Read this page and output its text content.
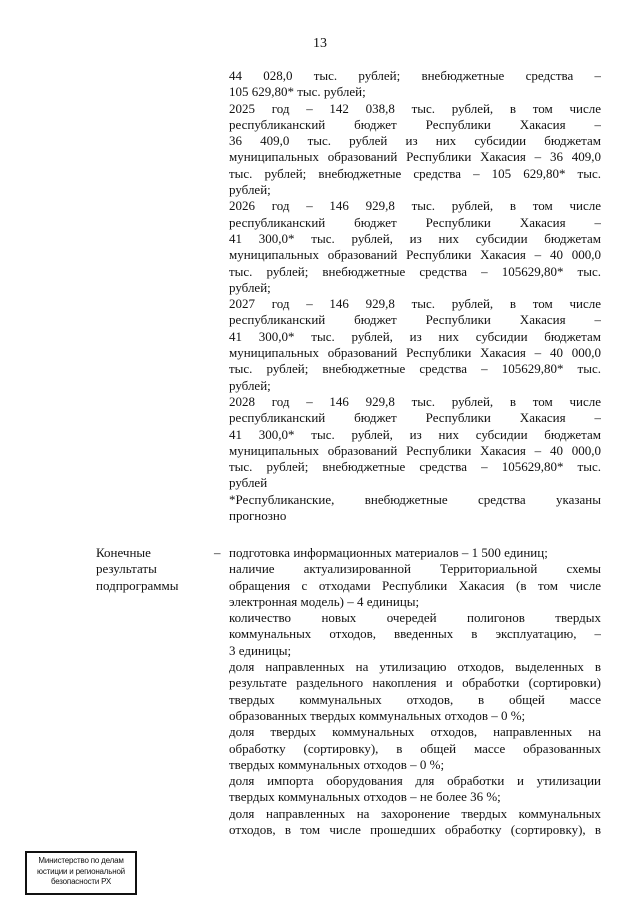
13
44 028,0 тыс. рублей; внебюджетные средства –
105 629,80* тыс. рублей;
2025 год – 142 038,8 тыс. рублей, в том числе
республиканский бюджет Республики Хакасия –
36 409,0 тыс. рублей из них субсидии бюджетам
муниципальных образований Республики Хакасия – 36 409,0
тыс. рублей; внебюджетные средства – 105 629,80* тыс.
рублей;
2026 год – 146 929,8 тыс. рублей, в том числе
республиканский бюджет Республики Хакасия –
41 300,0* тыс. рублей, из них субсидии бюджетам
муниципальных образований Республики Хакасия – 40 000,0
тыс. рублей; внебюджетные средства – 105629,80* тыс.
рублей;
2027 год – 146 929,8 тыс. рублей, в том числе
республиканский бюджет Республики Хакасия –
41 300,0* тыс. рублей, из них субсидии бюджетам
муниципальных образований Республики Хакасия – 40 000,0
тыс. рублей; внебюджетные средства – 105629,80* тыс.
рублей;
2028 год – 146 929,8 тыс. рублей, в том числе
республиканский бюджет Республики Хакасия –
41 300,0* тыс. рублей, из них субсидии бюджетам
муниципальных образований Республики Хакасия – 40 000,0
тыс. рублей; внебюджетные средства – 105629,80* тыс.
рублей
*Республиканские, внебюджетные средства указаны
прогнозно
Конечные
результаты
подпрограммы
– подготовка информационных материалов – 1 500 единиц;
наличие актуализированной Территориальной схемы
обращения с отходами Республики Хакасия (в том числе
электронная модель) – 4 единицы;
количество новых очередей полигонов твердых
коммунальных отходов, введенных в эксплуатацию, –
3 единицы;
доля направленных на утилизацию отходов, выделенных в
результате раздельного накопления и обработки (сортировки)
твердых коммунальных отходов, в общей массе
образованных твердых коммунальных отходов – 0 %;
доля твердых коммунальных отходов, направленных на
обработку (сортировку), в общей массе образованных
твердых коммунальных отходов – 0 %;
доля импорта оборудования для обработки и утилизации
твердых коммунальных отходов – не более 36 %;
доля направленных на захоронение твердых коммунальных
отходов, в том числе прошедших обработку (сортировку), в
Министерство по делам
юстиции и региональной
безопасности РХ
